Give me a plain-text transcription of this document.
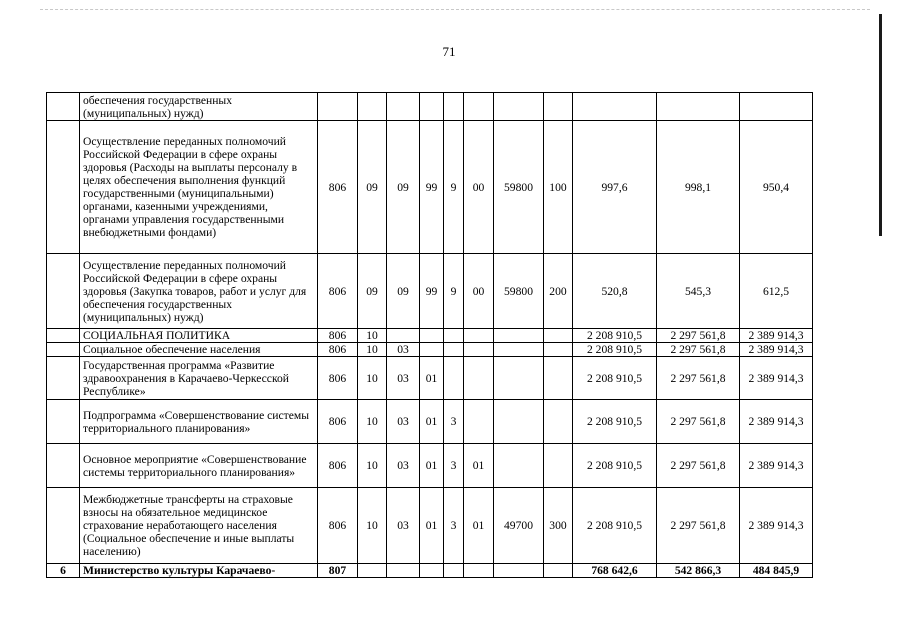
71
	обеспечения государственных (муниципальных) нужд)											
	Осуществление переданных полномочий Российской Федерации в сфере охраны здоровья (Расходы на выплаты персоналу в целях обеспечения выполнения функций государственными (муниципальными) органами, казенными учреждениями, органами управления государственными внебюджетными фондами)	806	09	09	99	9	00	59800	100	997,6	998,1	950,4
	Осуществление переданных полномочий Российской Федерации в сфере охраны здоровья (Закупка товаров, работ и услуг для обеспечения государственных (муниципальных) нужд)	806	09	09	99	9	00	59800	200	520,8	545,3	612,5
	СОЦИАЛЬНАЯ ПОЛИТИКА	806	10							2 208 910,5	2 297 561,8	2 389 914,3
	Социальное обеспечение населения	806	10	03						2 208 910,5	2 297 561,8	2 389 914,3
	Государственная программа «Развитие здравоохранения в Карачаево-Черкесской Республике»	806	10	03	01					2 208 910,5	2 297 561,8	2 389 914,3
	Подпрограмма «Совершенствование системы территориального планирования»	806	10	03	01	3				2 208 910,5	2 297 561,8	2 389 914,3
	Основное мероприятие «Совершенствование системы территориального планирования»	806	10	03	01	3	01			2 208 910,5	2 297 561,8	2 389 914,3
	Межбюджетные трансферты на страховые взносы на обязательное медицинское страхование неработающего населения (Социальное обеспечение и иные выплаты населению)	806	10	03	01	3	01	49700	300	2 208 910,5	2 297 561,8	2 389 914,3
6	Министерство культуры Карачаево-	807								768 642,6	542 866,3	484 845,9
